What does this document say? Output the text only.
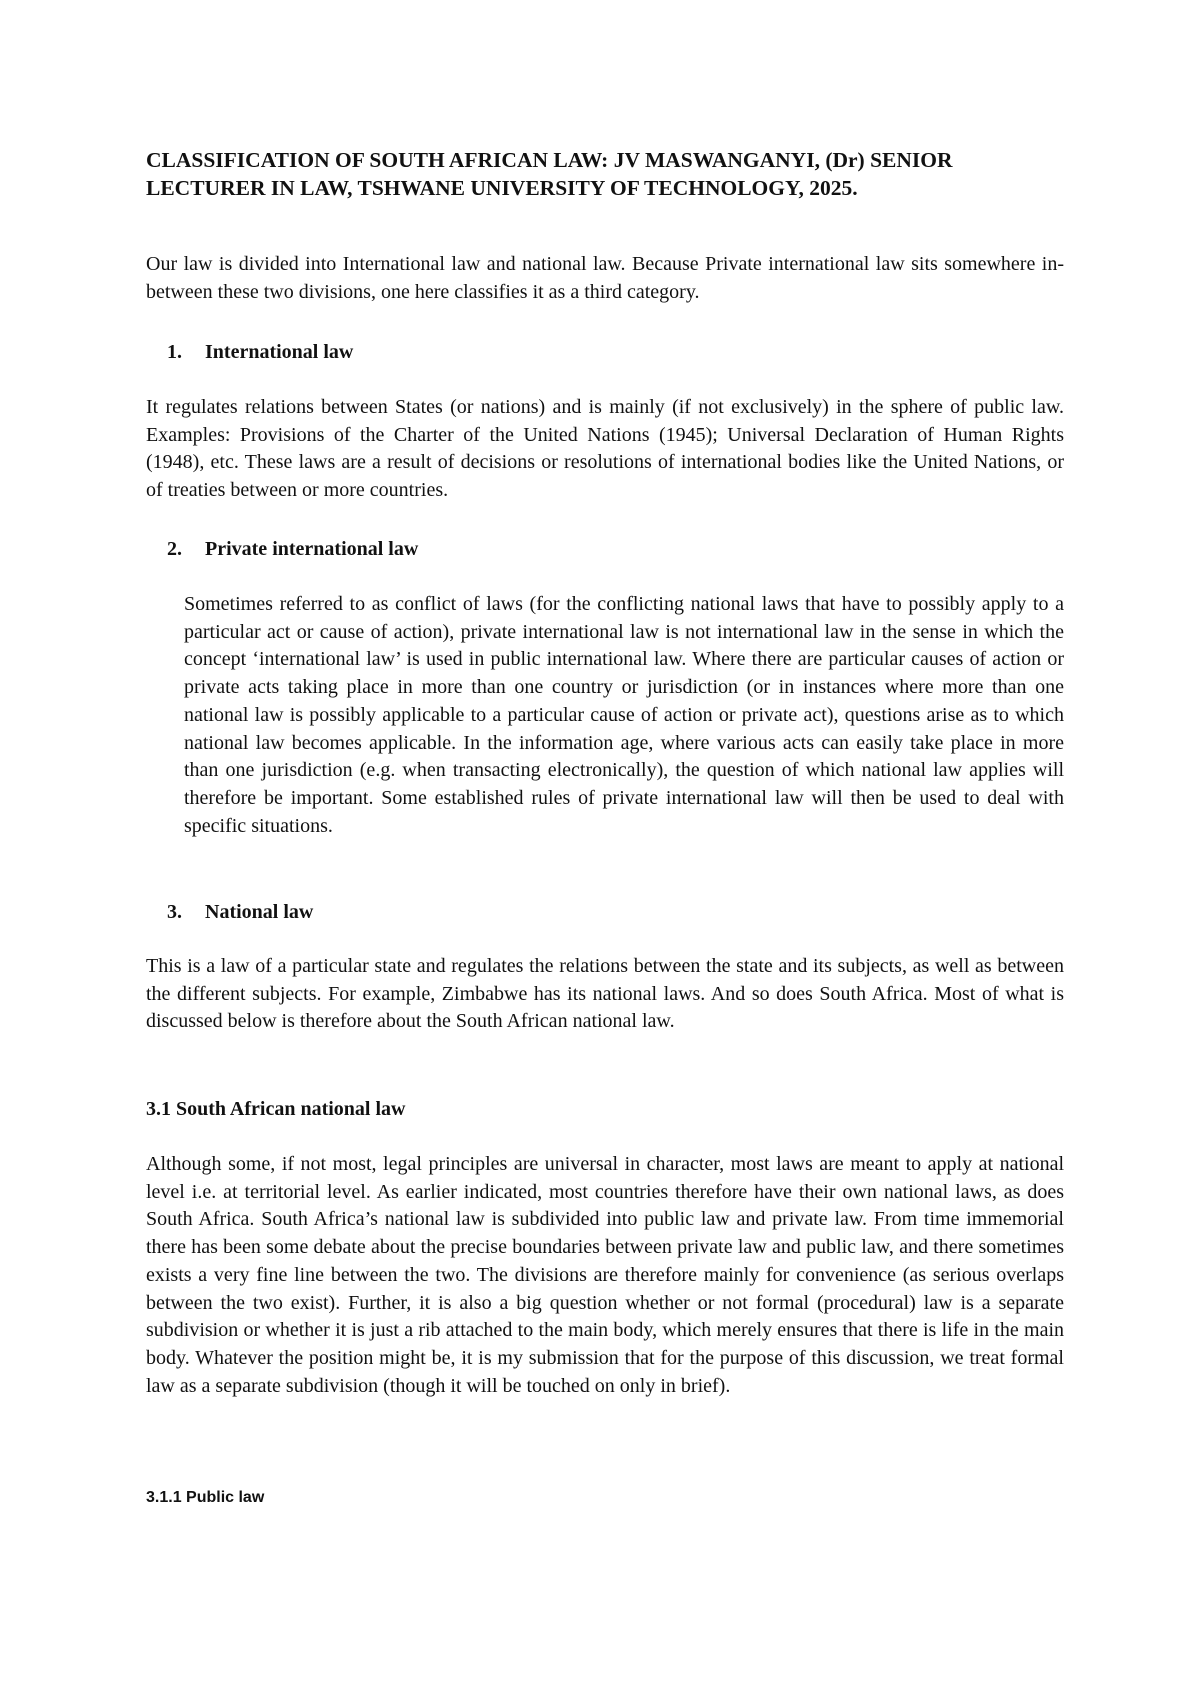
CLASSIFICATION OF SOUTH AFRICAN LAW: JV MASWANGANYI, (Dr) SENIOR LECTURER IN LAW, TSHWANE UNIVERSITY OF TECHNOLOGY, 2025.

Our law is divided into International law and national law. Because Private international law sits somewhere in-between these two divisions, one here classifies it as a third category.

1. International law

It regulates relations between States (or nations) and is mainly (if not exclusively) in the sphere of public law. Examples: Provisions of the Charter of the United Nations (1945); Universal Declaration of Human Rights (1948), etc. These laws are a result of decisions or resolutions of international bodies like the United Nations, or of treaties between or more countries.

2. Private international law

Sometimes referred to as conflict of laws (for the conflicting national laws that have to possibly apply to a particular act or cause of action), private international law is not international law in the sense in which the concept ‘international law’ is used in public international law. Where there are particular causes of action or private acts taking place in more than one country or jurisdiction (or in instances where more than one national law is possibly applicable to a particular cause of action or private act), questions arise as to which national law becomes applicable. In the information age, where various acts can easily take place in more than one jurisdiction (e.g. when transacting electronically), the question of which national law applies will therefore be important. Some established rules of private international law will then be used to deal with specific situations.

3. National law

This is a law of a particular state and regulates the relations between the state and its subjects, as well as between the different subjects. For example, Zimbabwe has its national laws. And so does South Africa. Most of what is discussed below is therefore about the South African national law.

3.1 South African national law

Although some, if not most, legal principles are universal in character, most laws are meant to apply at national level i.e. at territorial level. As earlier indicated, most countries therefore have their own national laws, as does South Africa. South Africa’s national law is subdivided into public law and private law. From time immemorial there has been some debate about the precise boundaries between private law and public law, and there sometimes exists a very fine line between the two. The divisions are therefore mainly for convenience (as serious overlaps between the two exist). Further, it is also a big question whether or not formal (procedural) law is a separate subdivision or whether it is just a rib attached to the main body, which merely ensures that there is life in the main body. Whatever the position might be, it is my submission that for the purpose of this discussion, we treat formal law as a separate subdivision (though it will be touched on only in brief).

3.1.1 Public law
